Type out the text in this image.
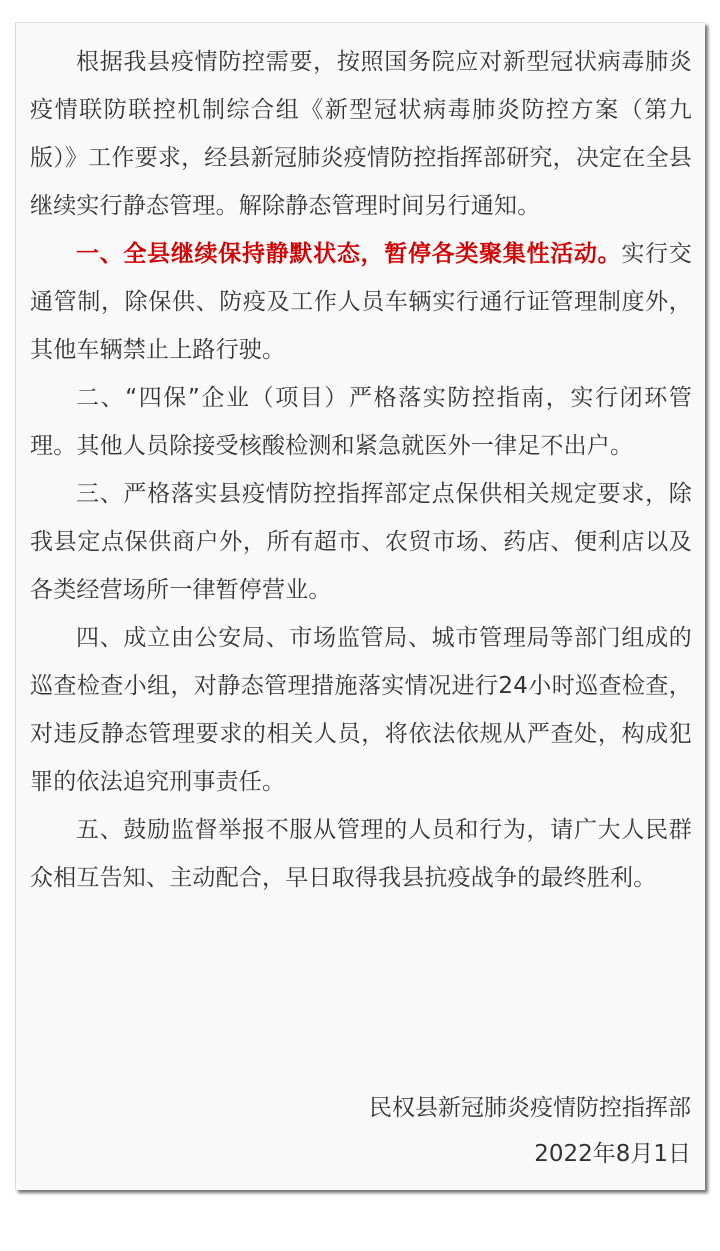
根据我县疫情防控需要，按照国务院应对新型冠状病毒肺炎疫情联防联控机制综合组《新型冠状病毒肺炎防控方案（第九版）》工作要求，经县新冠肺炎疫情防控指挥部研究，决定在全县继续实行静态管理。解除静态管理时间另行通知。

一、全县继续保持静默状态，暂停各类聚集性活动。实行交通管制，除保供、防疫及工作人员车辆实行通行证管理制度外，其他车辆禁止上路行驶。

二、“四保”企业（项目）严格落实防控指南，实行闭环管理。其他人员除接受核酸检测和紧急就医外一律足不出户。

三、严格落实县疫情防控指挥部定点保供相关规定要求，除我县定点保供商户外，所有超市、农贸市场、药店、便利店以及各类经营场所一律暂停营业。

四、成立由公安局、市场监管局、城市管理局等部门组成的巡查检查小组，对静态管理措施落实情况进行24小时巡查检查，对违反静态管理要求的相关人员，将依法依规从严查处，构成犯罪的依法追究刑事责任。

五、鼓励监督举报不服从管理的人员和行为，请广大人民群众相互告知、主动配合，早日取得我县抗疫战争的最终胜利。

民权县新冠肺炎疫情防控指挥部
2022年8月1日
